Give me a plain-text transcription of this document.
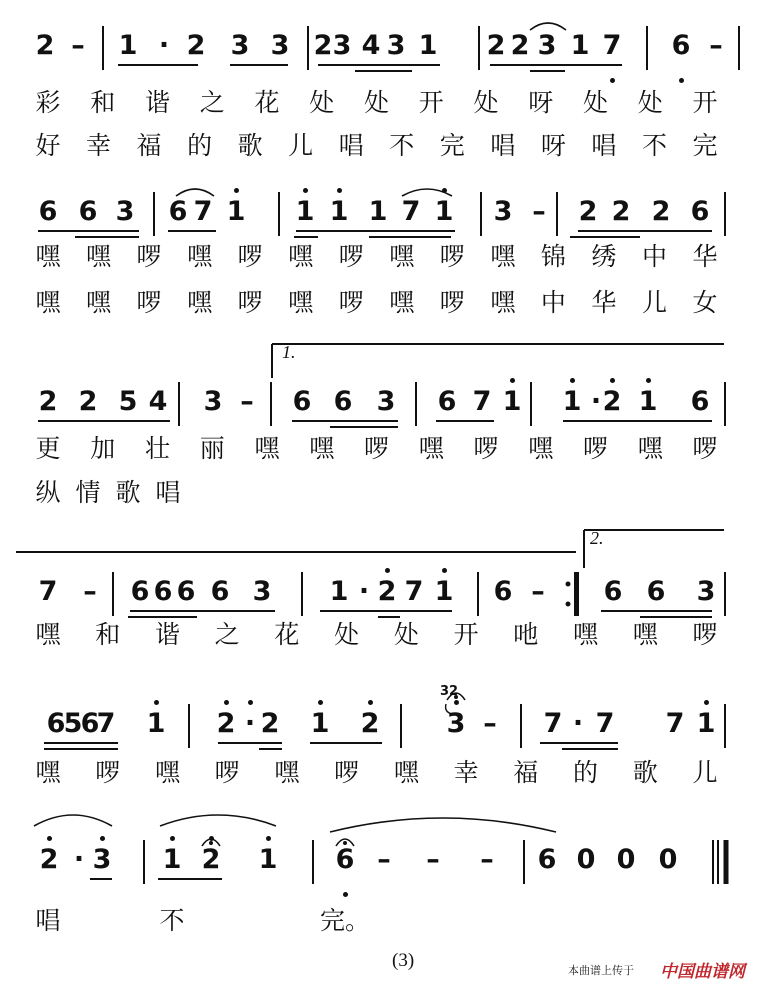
1.
2.
(3)	本曲谱上传于 中国曲谱网
2 – 1 · 2 3 3 2 3 4 3 1 2 2 3 1 7 6 –
彩 和 谐 之 花 处 处 开 处 呀 处 处 开
好 幸 福 的 歌 儿 唱 不 完 唱 呀 唱 不 完
6 6 3 6 7 1 1 1 1 7 1 3 – 2 2 2 6
嘿 嘿 啰 嘿 啰 嘿 啰 嘿 啰 嘿 锦 绣 中 华
嘿 嘿 啰 嘿 啰 嘿 啰 嘿 啰 嘿 中 华 儿 女
2 2 5 4 3 – 6 6 3 6 7 1 1 · 2 1 6
更 加 壮 丽 嘿 嘿 啰 嘿 啰 嘿 啰 嘿 啰
纵 情 歌 唱
7 – 6 6 6 6 3 1 · 2 7 1 6 – 6 6 3
嘿 和 谐 之 花 处 处 开 吔 嘿 嘿 啰
6
5
6
7 1 2 · 2 1 2 3 – 7 · 7 7 1
嘿 啰 嘿 啰 嘿 啰 嘿 幸 福 的 歌 儿
2 · 3 1 2 1 6 – – – 6 0 0 0
唱	不	完。
32
